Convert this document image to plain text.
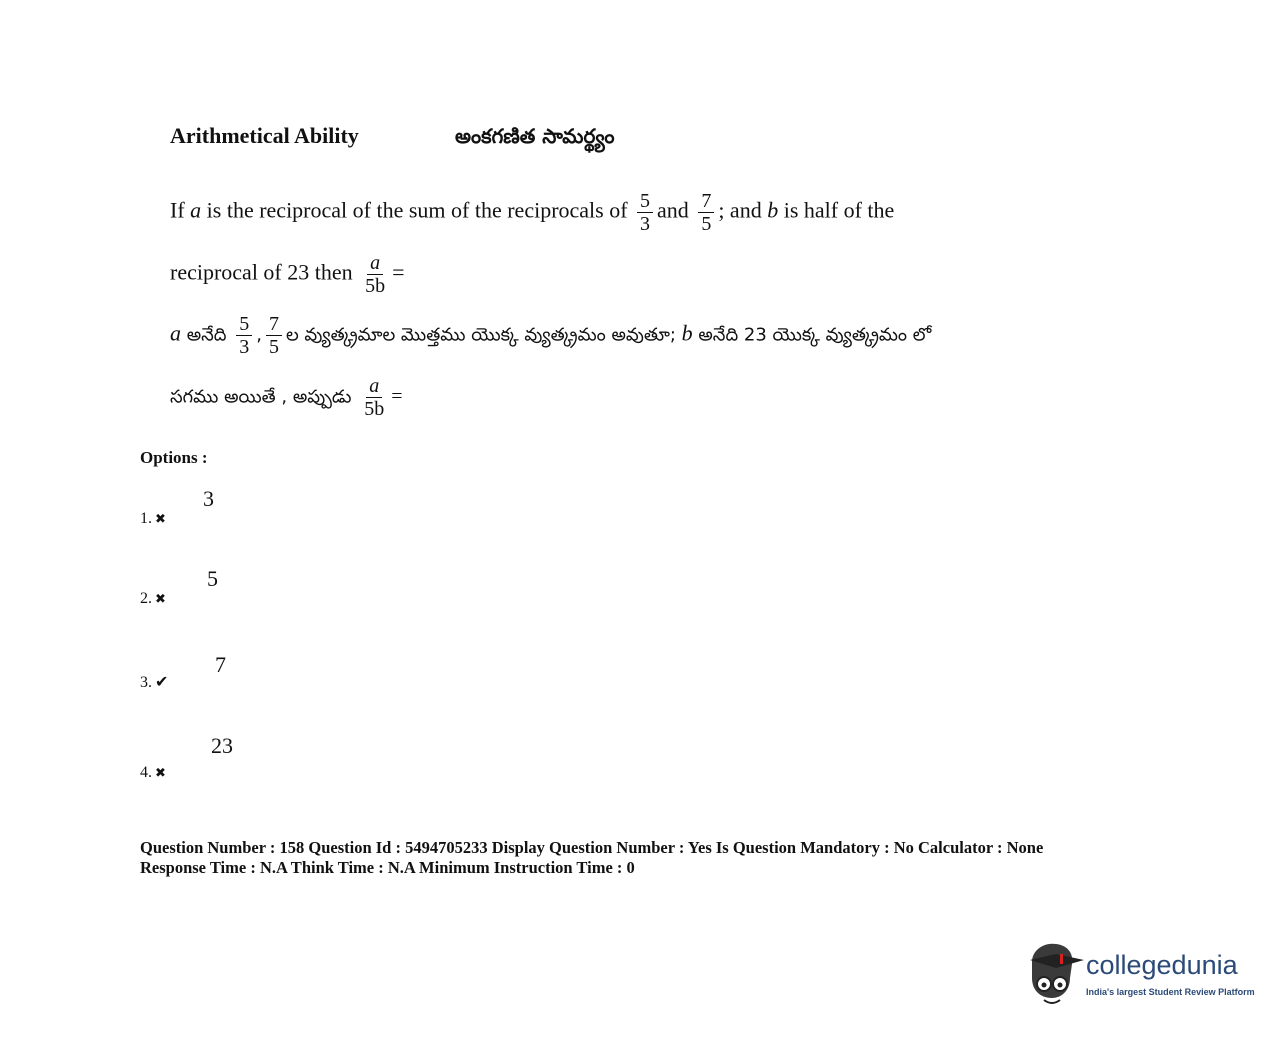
Arithmetical Ability	అంకగణిత సామర్థ్యం
If a is the reciprocal of the sum of the reciprocals of $\frac{5}{3}$ and $\frac{7}{5}$ ; and b is half of the
reciprocal of 23 then $\frac{a}{5b}$ =
a అనేది $\frac{5}{3}$ , $\frac{7}{5}$ ల వ్యుత్క్రమాల మొత్తము యొక్క వ్యుత్క్రమం అవుతూ; b అనేది 23 యొక్క వ్యుత్క్రమం లో
సగము అయితే , అప్పుడు $\frac{a}{5b}$ =
Options :
1. ✖
3
2. ✖
5
3. ✔
7
4. ✖
23
Question Number : 158 Question Id : 5494705233 Display Question Number : Yes Is Question Mandatory : No Calculator : None
Response Time : N.A Think Time : N.A Minimum Instruction Time : 0
collegedunia
India's largest Student Review Platform
